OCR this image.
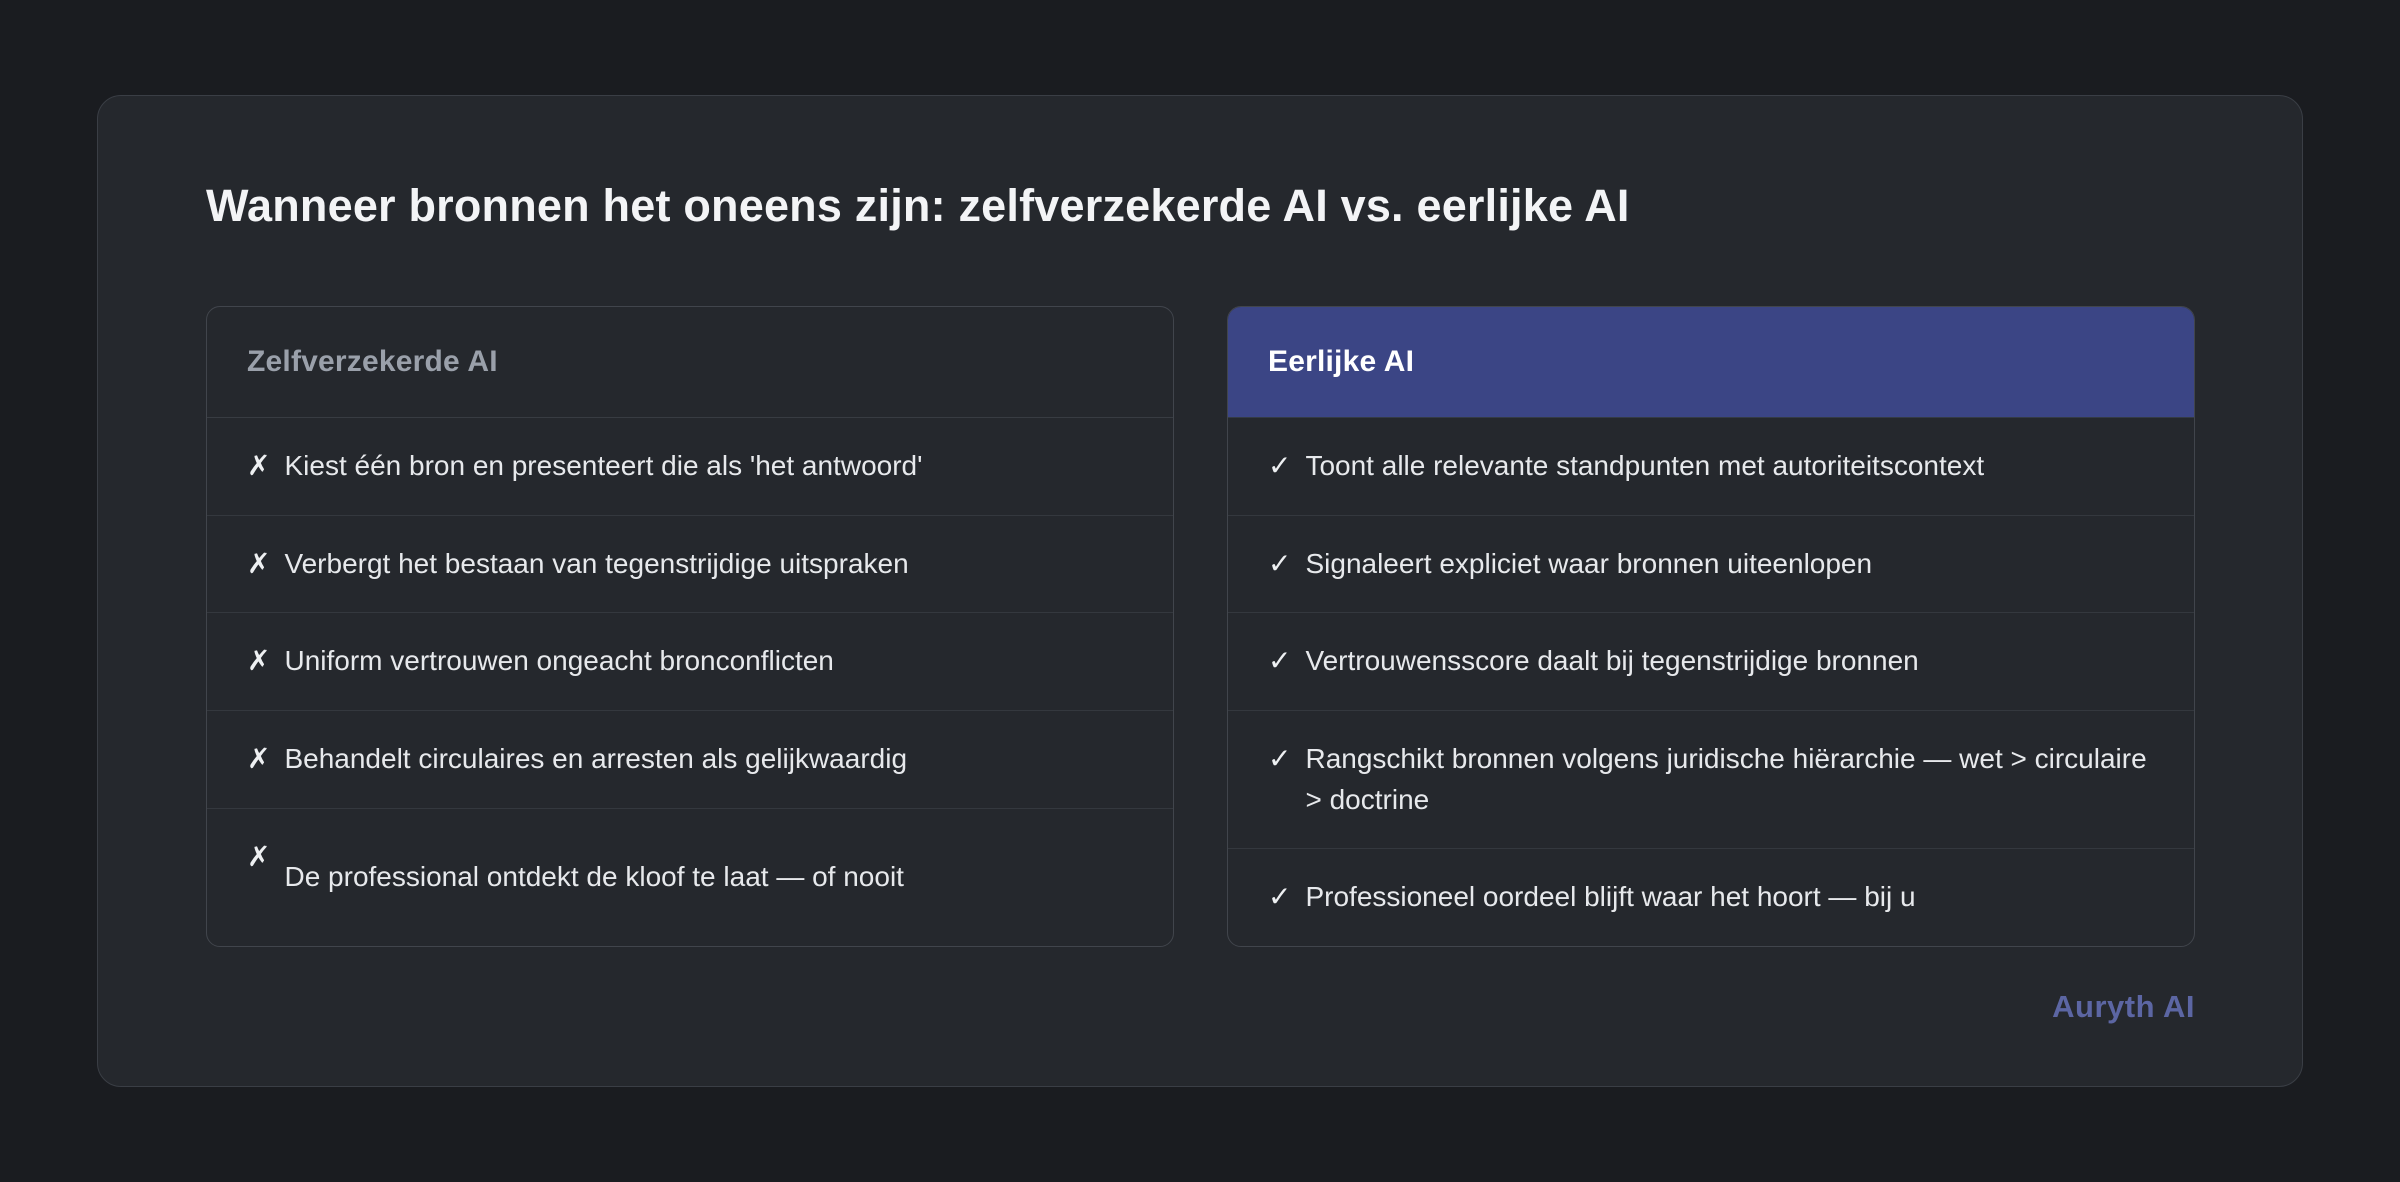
Wanneer bronnen het oneens zijn: zelfverzekerde AI vs. eerlijke AI
Zelfverzekerde AI
✗ Kiest één bron en presenteert die als 'het antwoord'
✗ Verbergt het bestaan van tegenstrijdige uitspraken
✗ Uniform vertrouwen ongeacht bronconflicten
✗ Behandelt circulaires en arresten als gelijkwaardig
✗
De professional ontdekt de kloof te laat — of nooit
Eerlijke AI
✓ Toont alle relevante standpunten met autoriteitscontext
✓ Signaleert expliciet waar bronnen uiteenlopen
✓ Vertrouwensscore daalt bij tegenstrijdige bronnen
✓ Rangschikt bronnen volgens juridische hiërarchie — wet > circulaire > doctrine
✓ Professioneel oordeel blijft waar het hoort — bij u
Auryth AI
